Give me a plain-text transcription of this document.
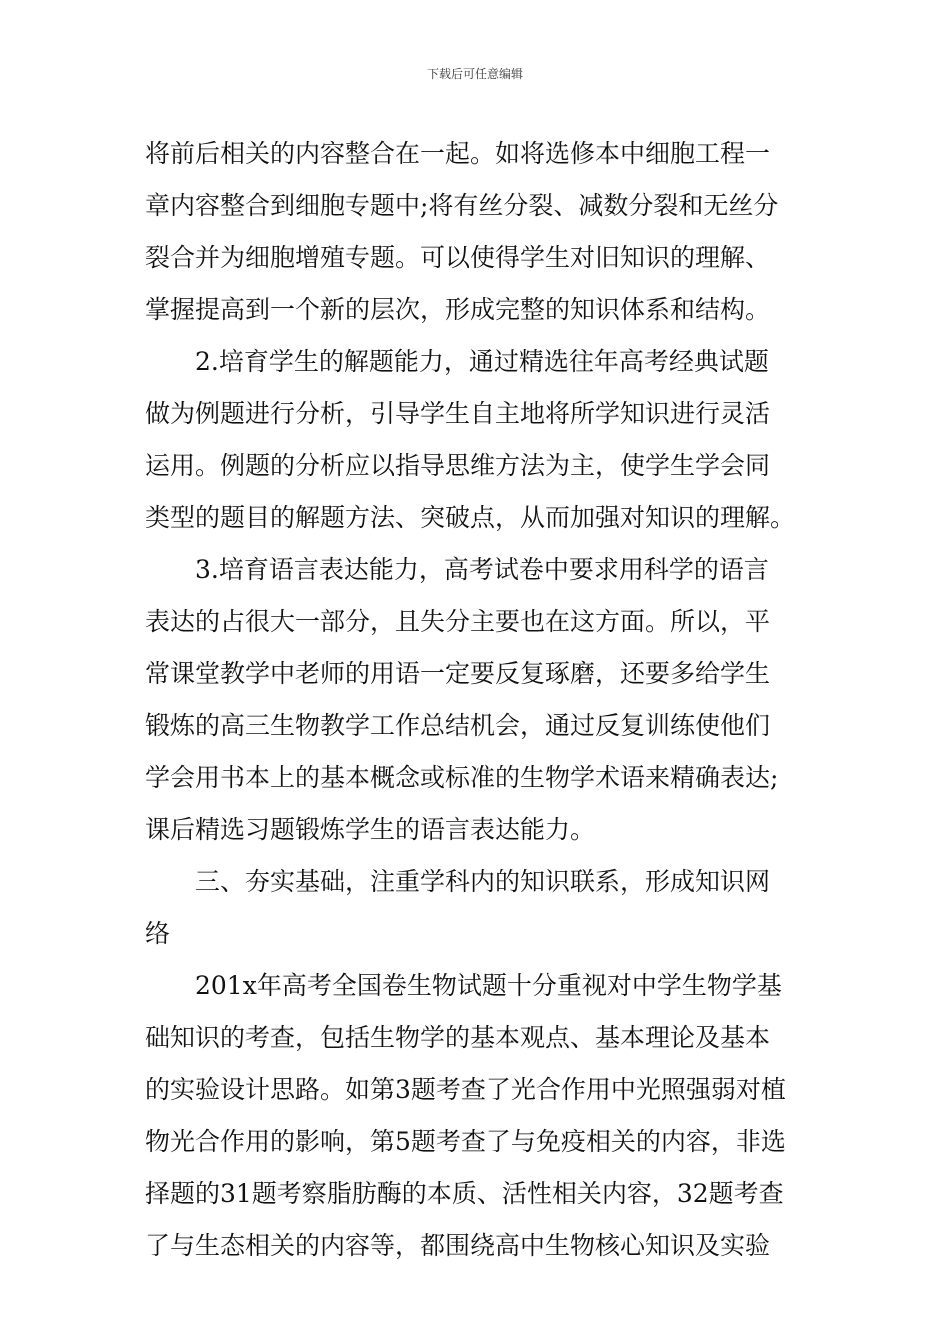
下载后可任意编辑
将前后相关的内容整合在一起。如将选修本中细胞工程一
章内容整合到细胞专题中;将有丝分裂、减数分裂和无丝分
裂合并为细胞增殖专题。可以使得学生对旧知识的理解、
掌握提高到一个新的层次，形成完整的知识体系和结构。
2.培育学生的解题能力，通过精选往年高考经典试题
做为例题进行分析，引导学生自主地将所学知识进行灵活
运用。例题的分析应以指导思维方法为主，使学生学会同
类型的题目的解题方法、突破点，从而加强对知识的理解。
3.培育语言表达能力，高考试卷中要求用科学的语言
表达的占很大一部分，且失分主要也在这方面。所以，平
常课堂教学中老师的用语一定要反复琢磨，还要多给学生
锻炼的高三生物教学工作总结机会，通过反复训练使他们
学会用书本上的基本概念或标准的生物学术语来精确表达;
课后精选习题锻炼学生的语言表达能力。
三、夯实基础，注重学科内的知识联系，形成知识网
络
201x年高考全国卷生物试题十分重视对中学生物学基
础知识的考查，包括生物学的基本观点、基本理论及基本
的实验设计思路。如第3题考查了光合作用中光照强弱对植
物光合作用的影响，第5题考查了与免疫相关的内容，非选
择题的31题考察脂肪酶的本质、活性相关内容，32题考查
了与生态相关的内容等，都围绕高中生物核心知识及实验
